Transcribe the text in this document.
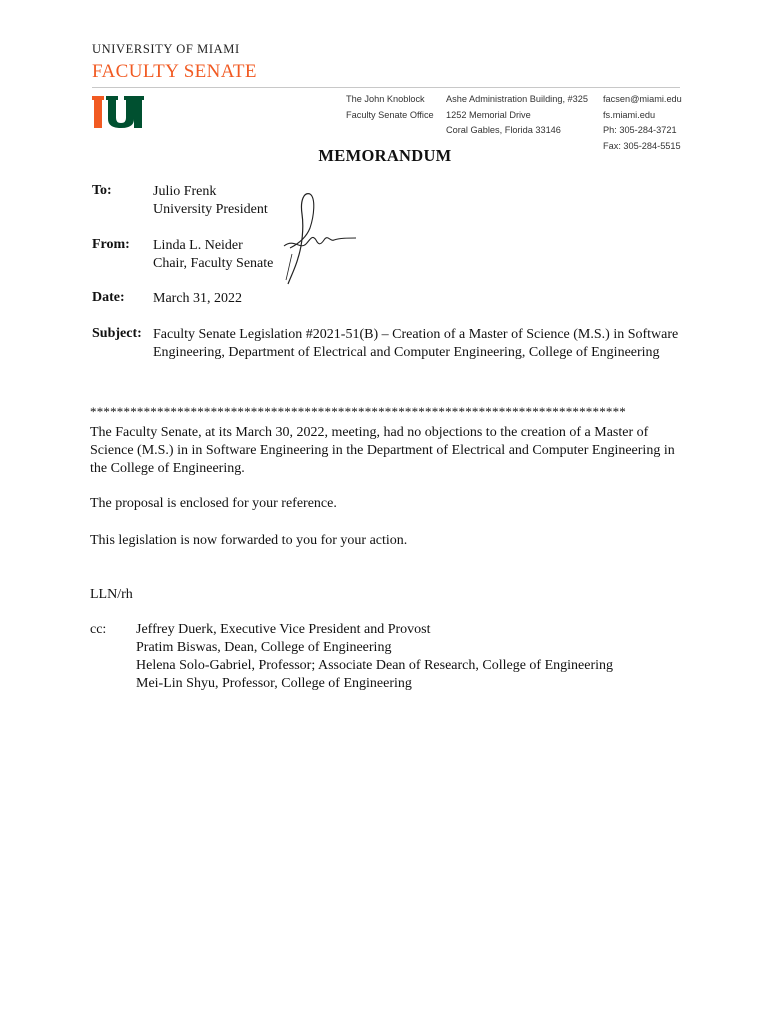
UNIVERSITY OF MIAMI
FACULTY SENATE
The John Knoblock
Faculty Senate Office
Ashe Administration Building, #325
1252 Memorial Drive
Coral Gables, Florida 33146
facsen@miami.edu
fs.miami.edu
Ph: 305-284-3721
Fax: 305-284-5515
MEMORANDUM
To:	Julio Frenk
University President
From: Linda L. Neider
Chair, Faculty Senate
Date: March 31, 2022
Subject: Faculty Senate Legislation #2021-51(B) – Creation of a Master of Science (M.S.) in Software Engineering, Department of Electrical and Computer Engineering, College of Engineering
********************************************************************************
The Faculty Senate, at its March 30, 2022, meeting, had no objections to the creation of a Master of Science (M.S.) in in Software Engineering in the Department of Electrical and Computer Engineering in the College of Engineering.
The proposal is enclosed for your reference.
This legislation is now forwarded to you for your action.
LLN/rh
cc:	Jeffrey Duerk, Executive Vice President and Provost
Pratim Biswas, Dean, College of Engineering
Helena Solo-Gabriel, Professor; Associate Dean of Research, College of Engineering
Mei-Lin Shyu, Professor, College of Engineering
